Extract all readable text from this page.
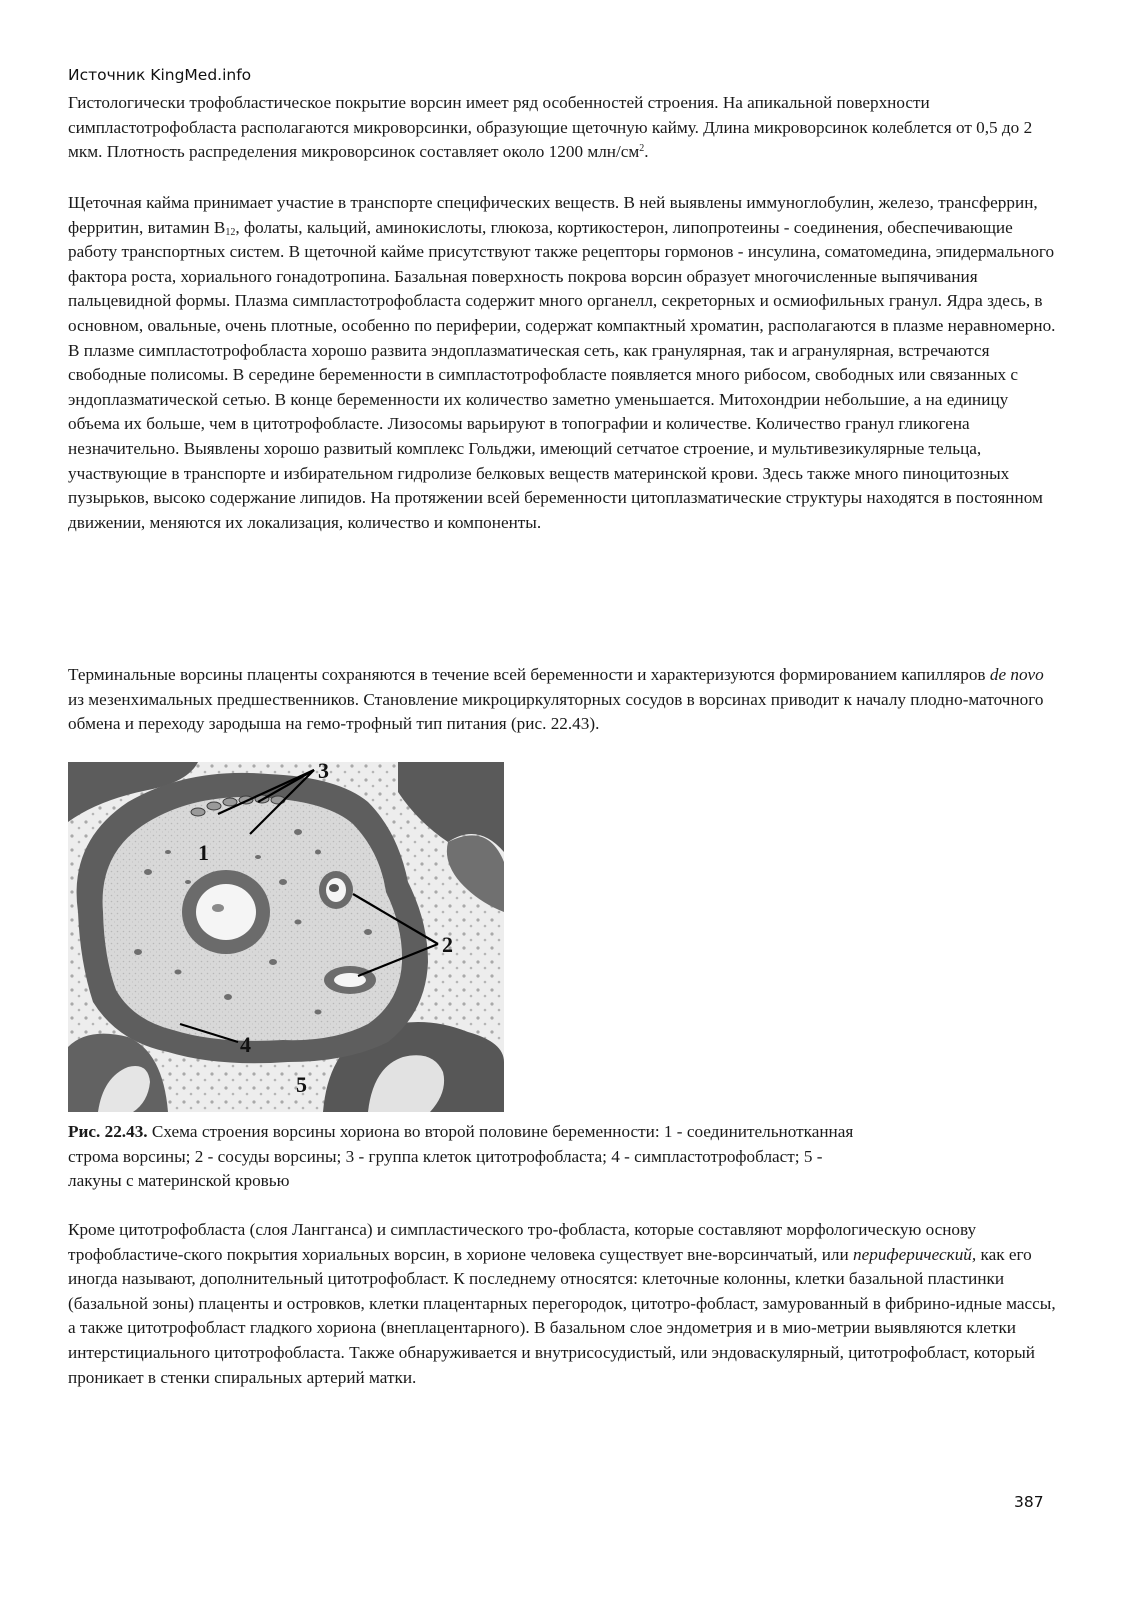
Источник KingMed.info

Гистологически трофобластическое покрытие ворсин имеет ряд особенностей строения. На апикальной поверхности симпластотрофобласта располагаются микроворсинки, образующие щеточную кайму. Длина микроворсинок колеблется от 0,5 до 2 мкм. Плотность распределения микроворсинок составляет около 1200 млн/$см^2$.

Щеточная кайма принимает участие в транспорте специфических веществ. В ней выявлены иммуноглобулин, железо, трансферрин, ферритин, витамин $В_{12}$, фолаты, кальций, аминокислоты, глюкоза, кортикостерон, липопротеины - соединения, обеспечивающие работу транспортных систем. В щеточной кайме присутствуют также рецепторы гормонов - инсулина, соматомедина, эпидермального фактора роста, хориального гонадотропина. Базальная поверхность покрова ворсин образует многочисленные выпячивания пальцевидной формы. Плазма симпластотрофобласта содержит много органелл, секреторных и осмиофильных гранул. Ядра здесь, в основном, овальные, очень плотные, особенно по периферии, содержат компактный хроматин, располагаются в плазме неравномерно. В плазме симпластотрофобласта хорошо развита эндоплазматическая сеть, как гранулярная, так и агранулярная, встречаются свободные полисомы. В середине беременности в симпластотрофобласте появляется много рибосом, свободных или связанных с эндоплазматической сетью. В конце беременности их количество заметно уменьшается. Митохондрии небольшие, а на единицу объема их больше, чем в цитотрофобласте. Лизосомы варьируют в топографии и количестве. Количество гранул гликогена незначительно. Выявлены хорошо развитый комплекс Гольджи, имеющий сетчатое строение, и мультивезикулярные тельца, участвующие в транспорте и избирательном гидролизе белковых веществ материнской крови. Здесь также много пиноцитозных пузырьков, высоко содержание липидов. На протяжении всей беременности цитоплазматические структуры находятся в постоянном движении, меняются их локализация, количество и компоненты.

Терминальные ворсины плаценты сохраняются в течение всей беременности и характеризуются формированием капилляров de novo из мезенхимальных предшественников. Становление микроциркуляторных сосудов в ворсинах приводит к началу плодно-маточного обмена и переходу зародыша на гемо-трофный тип питания (рис. 22.43).

3
1
2
4
5
Рис. 22.43. Схема строения ворсины хориона во второй половине беременности: 1 - соединительнотканная строма ворсины; 2 - сосуды ворсины; 3 - группа клеток цитотрофобласта; 4 - симпластотрофобласт; 5 - лакуны с материнской кровью

Кроме цитотрофобласта (слоя Лангганса) и симпластического тро-фобласта, которые составляют морфологическую основу трофобластиче-ского покрытия хориальных ворсин, в хорионе человека существует вне-ворсинчатый, или периферический, как его иногда называют, дополнительный цитотрофобласт. К последнему относятся: клеточные колонны, клетки базальной пластинки (базальной зоны) плаценты и островков, клетки плацентарных перегородок, цитотро-фобласт, замурованный в фибрино-идные массы, а также цитотрофобласт гладкого хориона (внеплацентарного). В базальном слое эндометрия и в мио-метрии выявляются клетки интерстициального цитотрофобласта. Также обнаруживается и внутрисосудистый, или эндоваскулярный, цитотрофобласт, который проникает в стенки спиральных артерий матки.

387
